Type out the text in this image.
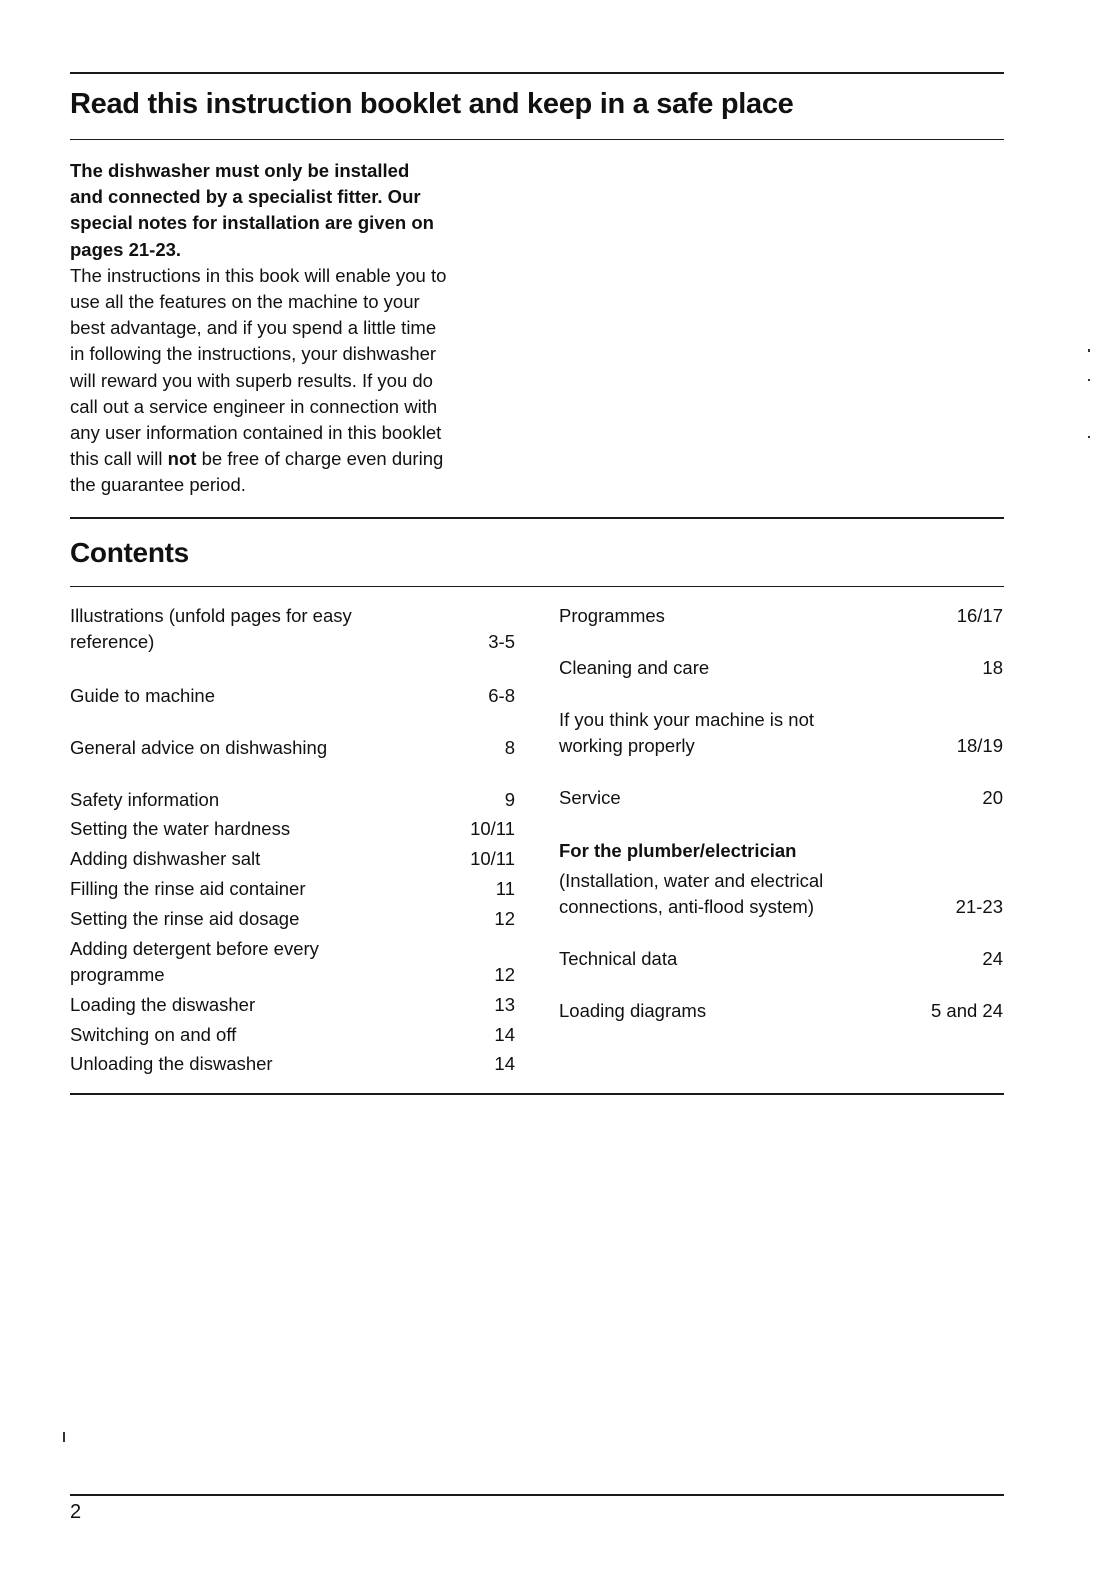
Read this instruction booklet and keep in a safe place
The dishwasher must only be installed
and connected by a specialist fitter. Our
special notes for installation are given on
pages 21-23.
The instructions in this book will enable you to
use all the features on the machine to your
best advantage, and if you spend a little time
in following the instructions, your dishwasher
will reward you with superb results. If you do
call out a service engineer in connection with
any user information contained in this booklet
this call will not be free of charge even during
the guarantee period.
Contents
Illustrations (unfold pages for easy
reference)	3-5
Guide to machine	6-8
General advice on dishwashing	8
Safety information	9
Setting the water hardness	10/11
Adding dishwasher salt	10/11
Filling the rinse aid container	11
Setting the rinse aid dosage	12
Adding detergent before every
programme	12
Loading the diswasher	13
Switching on and off	14
Unloading the diswasher	14
Programmes	16/17
Cleaning and care	18
If you think your machine is not
working properly	18/19
Service	20
For the plumber/electrician
(Installation, water and electrical
connections, anti-flood system)	21-23
Technical data	24
Loading diagrams	5 and 24
2
